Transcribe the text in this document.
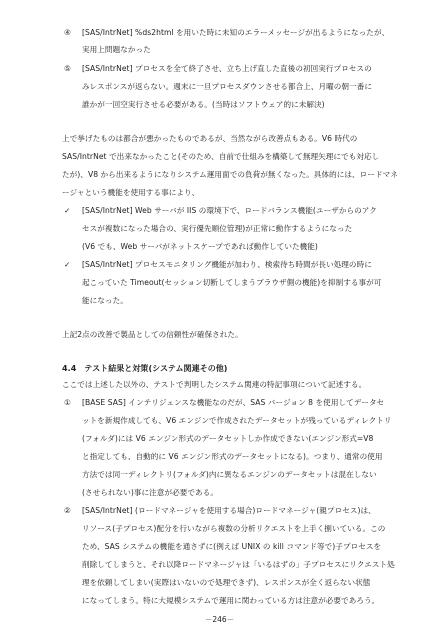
④ [SAS/IntrNet] %ds2html を用いた時に未知のエラーメッセージが出るようになったが、
実用上問題なかった
⑤ [SAS/IntrNet] プロセスを全て終了させ、立ち上げ直した直後の初回実行プロセスの
みレスポンスが返らない。週末に一旦プロセスダウンさせる都合上、月曜の朝一番に
誰かが一回空実行させる必要がある。(当時はソフトウェア的に未解決)
上で挙げたものは都合が悪かったものであるが、当然ながら改善点もある。V6 時代の
SAS/IntrNet で出来なかったこと(そのため、自前で仕組みを構築して無理矢理にでも対応し
たが)、V8 から出来るようになりシステム運用面での負荷が無くなった。具体的には、ロードマネ
ージャという機能を使用する事により、
✓ [SAS/IntrNet] Web サーバが IIS の環境下で、ロードバランス機能(ユーザからのアク
セスが複数になった場合の、実行優先順位管理)が正常に動作するようになった
(V6 でも、Web サーバがネットスケープであれば動作していた機能)
✓ [SAS/IntrNet] プロセスモニタリング機能が加わり、検索待ち時間が長い処理の時に
起こっていた Timeout(セッション切断してしまうブラウザ側の機能)を抑制する事が可
能になった。
上記2点の改善で製品としての信頼性が確保された。
4.4　テスト結果と対策(システム関連その他)
ここでは上述した以外の、テストで判明したシステム関連の特記事項について記述する。
① [BASE SAS] インテリジェンスな機能なのだが、SAS バージョン 8 を使用してデータセ
ットを新規作成しても、V6 エンジンで作成されたデータセットが残っているディレクトリ
(フォルダ)には V6 エンジン形式のデータセットしか作成できない(エンジン形式=V8
と指定しても、自動的に V6 エンジン形式のデータセットになる)。つまり、通常の使用
方法では同一ディレクトリ(フォルダ)内に異なるエンジンのデータセットは混在しない
(させられない)事に注意が必要である。
② [SAS/IntrNet] (ロードマネージャを使用する場合)ロードマネージャ(親プロセス)は、
リソース(子プロセス)配分を行いながら複数の分析リクエストを上手く捌いている。この
ため、SAS システムの機能を通さずに(例えば UNIX の kill コマンド等で)子プロセスを
削除してしまうと、それ以降ロードマネージャは「いるはずの」子プロセスにリクエスト処
理を依頼してしまい(実際はいないので処理できず)、レスポンスが全く返らない状態
になってしまう。特に大規模システムで運用に関わっている方は注意が必要であろう。
－246－
